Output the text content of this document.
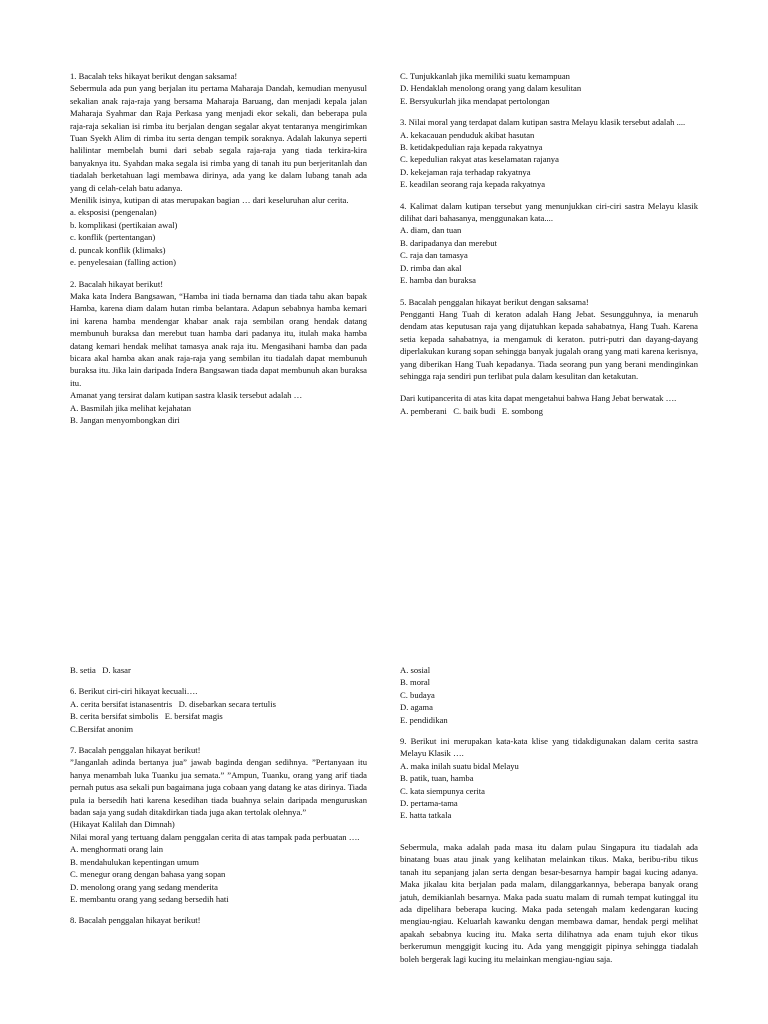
1. Bacalah teks hikayat berikut dengan saksama!

Sebermula ada pun yang berjalan itu pertama Maharaja Dandah, kemudian menyusul sekalian anak raja-raja yang bersama Maharaja Baruang, dan menjadi kepala jalan Maharaja Syahmar dan Raja Perkasa yang menjadi ekor sekali, dan beberapa pula raja-raja sekalian isi rimba itu berjalan dengan segalar akyat tentaranya mengirimkan Tuan Syekh Alim di rimba itu serta dengan tempik soraknya. Adalah lakunya seperti halilintar membelah bumi dari sebab segala raja-raja yang tiada terkira-kira banyaknya itu. Syahdan maka segala isi rimba yang di tanah itu pun berjeritanlah dan tiadalah berketahuan lagi membawa dirinya, ada yang ke dalam lubang tanah ada yang di celah-celah batu adanya.

Menilik isinya, kutipan di atas merupakan bagian … dari keseluruhan alur cerita.

a. eksposisi (pengenalan)

b. komplikasi (pertikaian awal)

c. konflik (pertentangan)

d. puncak konflik (klimaks)

e. penyelesaian (falling action)

2. Bacalah hikayat berikut!

Maka kata Indera Bangsawan, “Hamba ini tiada bernama dan tiada tahu akan bapak Hamba, karena diam dalam hutan rimba belantara. Adapun sebabnya hamba kemari ini karena hamba mendengar khabar anak raja sembilan orang hendak datang membunuh buraksa dan merebut tuan hamba dari padanya itu, itulah maka hamba datang kemari hendak melihat tamasya anak raja itu. Mengasihani hamba dan pada bicara akal hamba akan anak raja-raja yang sembilan itu tiadalah dapat membunuh buraksa itu. Jika lain daripada Indera Bangsawan tiada dapat membunuh akan buraksa itu.

Amanat yang tersirat dalam kutipan sastra klasik tersebut adalah …

A. Basmilah jika melihat kejahatan

B. Jangan menyombongkan diri

C. Tunjukkanlah jika memiliki suatu kemampuan

D. Hendaklah menolong orang yang dalam kesulitan

E. Bersyukurlah jika mendapat pertolongan

3. Nilai moral yang terdapat dalam kutipan sastra Melayu klasik tersebut adalah ....

A. kekacauan penduduk akibat hasutan

B. ketidakpedulian raja kepada rakyatnya

C. kepedulian rakyat atas keselamatan rajanya

D. kekejaman raja terhadap rakyatnya

E. keadilan seorang raja kepada rakyatnya

4. Kalimat dalam kutipan tersebut yang menunjukkan ciri-ciri sastra Melayu klasik dilihat dari bahasanya, menggunakan kata....

A. diam, dan tuan

B. daripadanya dan merebut

C. raja dan tamasya

D. rimba dan akal

E. hamba dan buraksa

5. Bacalah penggalan hikayat berikut dengan saksama!

Pengganti Hang Tuah di keraton adalah Hang Jebat. Sesungguhnya, ia menaruh dendam atas keputusan raja yang dijatuhkan kepada sahabatnya, Hang Tuah. Karena setia kepada sahabatnya, ia mengamuk di keraton. putri-putri dan dayang-dayang diperlakukan kurang sopan sehingga banyak jugalah orang yang mati karena kerisnya, yang diberikan Hang Tuah kepadanya. Tiada seorang pun yang berani mendinginkan sehingga raja sendiri pun terlibat pula dalam kesulitan dan ketakutan.

Dari kutipancerita di atas kita dapat mengetahui bahwa Hang Jebat berwatak ….

A. pemberani   C. baik budi   E. sombong

B. setia   D. kasar

6. Berikut ciri-ciri hikayat kecuali….

A. cerita bersifat istanasentris   D. disebarkan secara tertulis

B. cerita bersifat simbolis   E. bersifat magis

C.Bersifat anonim

7. Bacalah penggalan hikayat berikut!

”Janganlah adinda bertanya jua” jawab baginda dengan sedihnya. ”Pertanyaan itu hanya menambah luka Tuanku jua semata.” ”Ampun, Tuanku, orang yang arif tiada pernah putus asa sekali pun bagaimana juga cobaan yang datang ke atas dirinya. Tiada pula ia bersedih hati karena kesedihan tiada buahnya selain daripada menguruskan badan saja yang sudah ditakdirkan tiada juga akan tertolak olehnya.”

(Hikayat Kalilah dan Dimnah)

Nilai moral yang tertuang dalam penggalan cerita di atas tampak pada perbuatan ….

A. menghormati orang lain

B. mendahulukan kepentingan umum

C. menegur orang dengan bahasa yang sopan

D. menolong orang yang sedang menderita

E. membantu orang yang sedang bersedih hati

8. Bacalah penggalan hikayat berikut!

A. sosial

B. moral

C. budaya

D. agama

E. pendidikan

9. Berikut ini merupakan kata-kata klise yang tidakdigunakan dalam cerita sastra Melayu Klasik ….

A. maka inilah suatu bidal Melayu

B. patik, tuan, hamba

C. kata siempunya cerita

D. pertama-tama

E. hatta tatkala

Sebermula, maka adalah pada masa itu dalam pulau Singapura itu tiadalah ada binatang buas atau jinak yang kelihatan melainkan tikus. Maka, beribu-ribu tikus tanah itu sepanjang jalan serta dengan besar-besarnya hampir bagai kucing adanya. Maka jikalau kita berjalan pada malam, dilanggarkannya, beberapa banyak orang jatuh, demikianlah besarnya. Maka pada suatu malam di rumah tempat kutinggal itu ada dipelihara beberapa kucing. Maka pada setengah malam kedengaran kucing mengiau-ngiau. Keluarlah kawanku dengan membawa damar, hendak pergi melihat apakah sebabnya kucing itu. Maka serta dilihatnya ada enam tujuh ekor tikus berkerumun menggigit kucing itu. Ada yang menggigit pipinya sehingga tiadalah boleh bergerak lagi kucing itu melainkan mengiau-ngiau saja.
